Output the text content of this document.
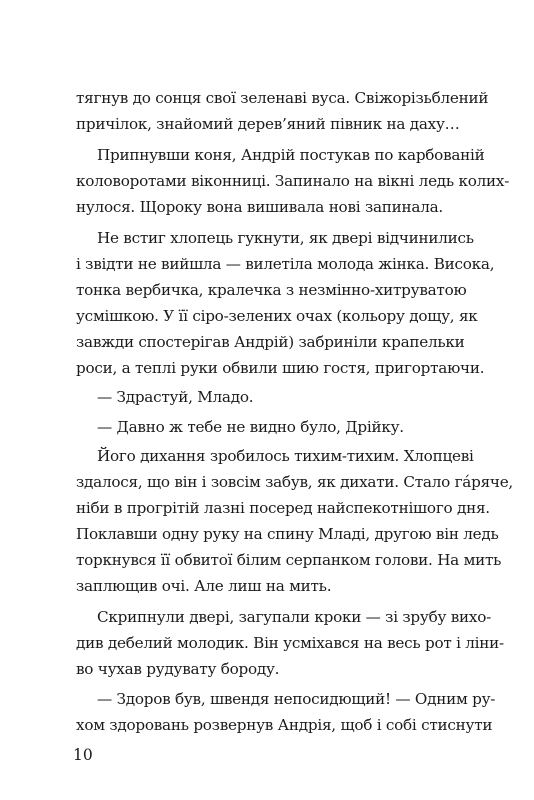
тягнув до сонця свої зеленаві вуса. Свіжорізьблений
причілок, знайомий дерев’яний півник на даху…
Припнувши коня, Андрій постукав по карбованій
коловоротами віконниці. Запинало на вікні ледь колих-
нулося. Щороку вона вишивала нові запинала.
Не встиг хлопець гукнути, як двері відчинились
і звідти не вийшла — вилетіла молода жінка. Висока,
тонка вербичка, кралечка з незмінно-хитруватою
усмішкою. У її сіро-зелених очах (кольору дощу, як
завжди спостерігав Андрій) забриніли крапельки
роси, а теплі руки обвили шию гостя, пригортаючи.
— Здрастуй, Младо.
— Давно ж тебе не видно було, Дрійку.
Його дихання зробилось тихим-тихим. Хлопцеві
здалося, що він і зовсім забув, як дихати. Стало гáряче,
ніби в прогрітій лазні посеред найспекотнішого дня.
Поклавши одну руку на спину Младі, другою він ледь
торкнувся її обвитої білим серпанком голови. На мить
заплющив очі. Але лиш на мить.
Скрипнули двері, загупали кроки — зі зрубу вихо-
див дебелий молодик. Він усміхався на весь рот і ліни-
во чухав рудувату бороду.
— Здоров був, швендя непосидющий! — Одним ру-
хом здоровань розвернув Андрія, щоб і собі стиснути
10
